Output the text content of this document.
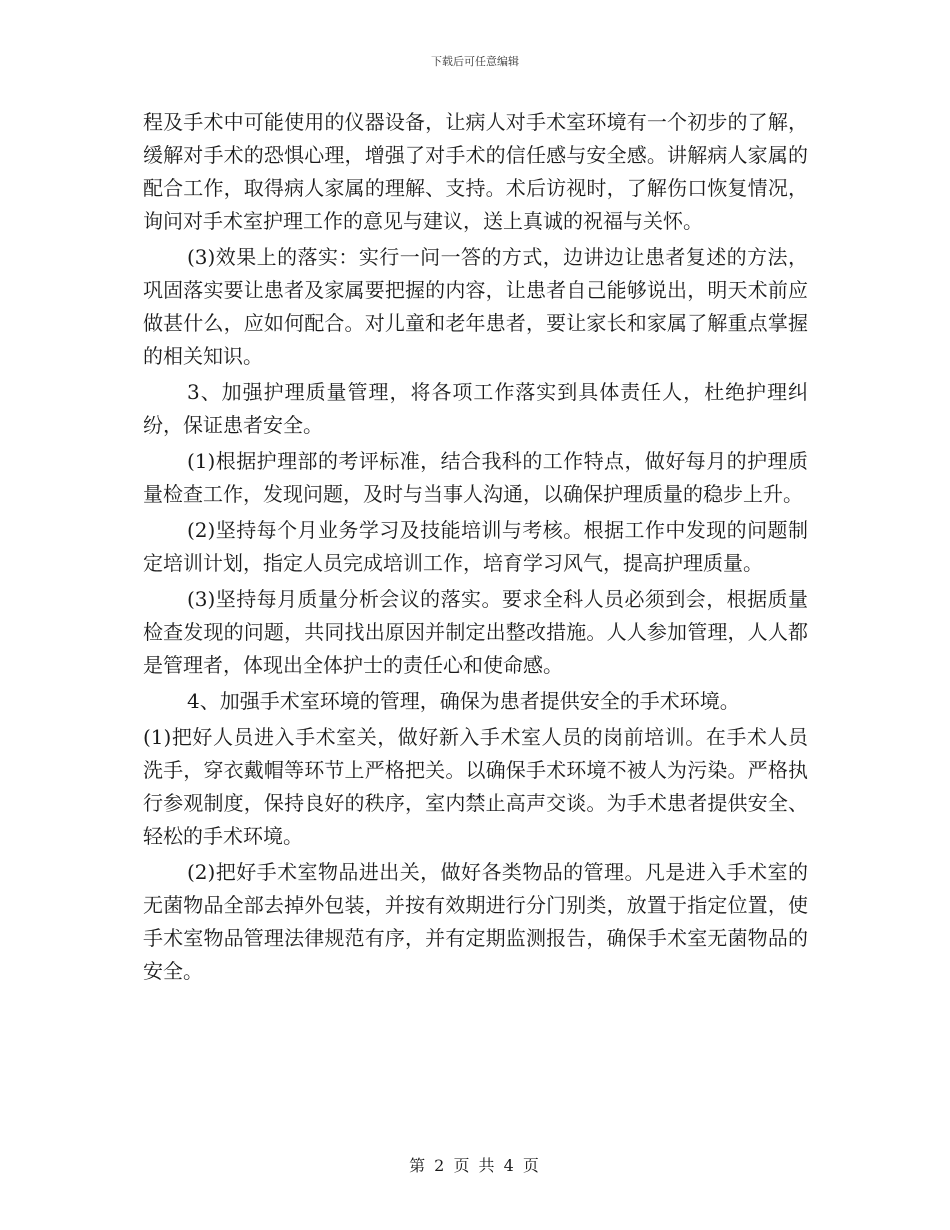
下载后可任意编辑

程及手术中可能使用的仪器设备，让病人对手术室环境有一个初步的了解，缓解对手术的恐惧心理，增强了对手术的信任感与安全感。讲解病人家属的配合工作，取得病人家属的理解、支持。术后访视时，了解伤口恢复情况，询问对手术室护理工作的意见与建议，送上真诚的祝福与关怀。

(3)效果上的落实：实行一问一答的方式，边讲边让患者复述的方法，巩固落实要让患者及家属要把握的内容，让患者自己能够说出，明天术前应做甚什么，应如何配合。对儿童和老年患者，要让家长和家属了解重点掌握的相关知识。

3、加强护理质量管理，将各项工作落实到具体责任人，杜绝护理纠纷，保证患者安全。

(1)根据护理部的考评标准，结合我科的工作特点，做好每月的护理质量检查工作，发现问题，及时与当事人沟通，以确保护理质量的稳步上升。

(2)坚持每个月业务学习及技能培训与考核。根据工作中发现的问题制定培训计划，指定人员完成培训工作，培育学习风气，提高护理质量。

(3)坚持每月质量分析会议的落实。要求全科人员必须到会，根据质量检查发现的问题，共同找出原因并制定出整改措施。人人参加管理，人人都是管理者，体现出全体护士的责任心和使命感。

4、加强手术室环境的管理，确保为患者提供安全的手术环境。

(1)把好人员进入手术室关，做好新入手术室人员的岗前培训。在手术人员洗手，穿衣戴帽等环节上严格把关。以确保手术环境不被人为污染。严格执行参观制度，保持良好的秩序，室内禁止高声交谈。为手术患者提供安全、轻松的手术环境。

(2)把好手术室物品进出关，做好各类物品的管理。凡是进入手术室的无菌物品全部去掉外包装，并按有效期进行分门别类，放置于指定位置，使手术室物品管理法律规范有序，并有定期监测报告，确保手术室无菌物品的安全。

第 2 页 共 4 页
